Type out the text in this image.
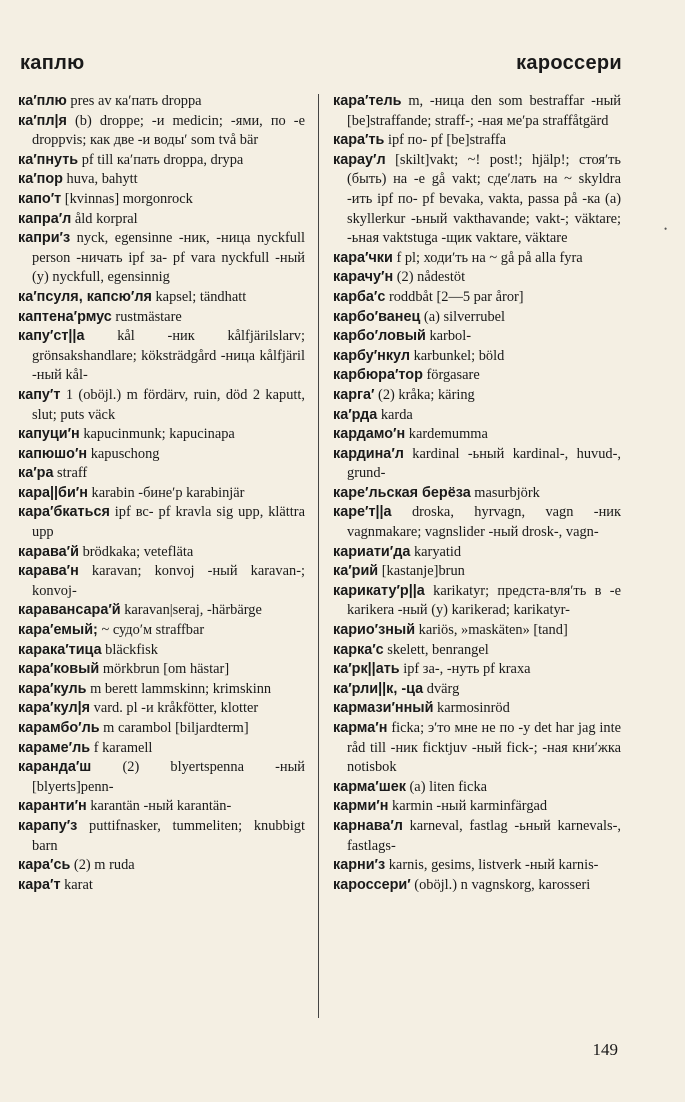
каплю	кароссери

ка′плю pres av ка′пать droppa

ка′пл|я (b) droppe; -и medicin; -ями, по -е droppvis; как две -и воды′ som två bär

ка′пнуть pf till ка′пать droppa, drypa

ка′пор huva, bahytt

капо′т [kvinnas] morgonrock

капра′л åld korpral

капри′з nyck, egensinne -ник, -ница nyckfull person -ничать ipf за- pf vara nyckfull -ный (y) nyckfull, egensinnig

ка′псуля, капсю′ля kapsel; tändhatt

каптена′рмус rustmästare

капу′ст||а kål -ник kålfjärilslarv; grönsakshandlare; köksträdgård -ница kålfjäril -ный kål-

капу′т 1 (oböjl.) m fördärv, ruin, död 2 kaputt, slut; puts väck

капуци′н kapucinmunk; kapucinapa

капюшо′н kapuschong

ка′ра straff

кара||би′н karabin -бине′р karabinjär

кара′бкаться ipf вс- pf kravla sig upp, klättra upp

карава′й brödkaka; veteflätа

карава′н karavan; konvoj -ный karavan-; konvoj-

каравансара′й karavan|seraj, -härbärge

кара′емый; ~ судо′м straffbar

каракa′тица bläckfisk

кара′ковый mörkbrun [om hästar]

кара′куль m berett lammskinn; krimskinn

кара′кул|я vard. pl -и kråkfötter, klotter

карамбо′ль m carambol [biljardterm]

караме′ль f karamell

каранда′ш (2) blyertspenna -ный [blyerts]penn-

каранти′н karantän -ный karantän-

карапу′з puttifnasker, tummeliten; knubbigt barn

кара′сь (2) m ruda

кара′т karat

кара′тель m, -ница den som bestraffar -ный [be]straffande; straff-; -ная ме′ра straffåtgärd

кара′ть ipf по- pf [be]straffa

карау′л [skilt]vakt; ~! post!; hjälp!; стоя′ть (быть) на -е gå vakt; сде′лать на ~ skyldra -ить ipf по- pf bevaka, vakta, passa på -ка (a) skyllerkur -ьный vakthavande; vakt-; väktare; -ьная vaktstuga -щик vaktare, väktare

кара′чки f pl; ходи′ть на ~ gå på alla fyra

карачу′н (2) nådestöt

карба′с roddbåt [2—5 par åror]

карбо′ванец (a) silverrubel

карбо′ловый karbol-

карбу′нкул karbunkel; böld

карбюра′тор förgasare

карга′ (2) kråka; käring

ка′рда karda

кардамо′н kardemumma

кардина′л kardinal -ьный kardinal-, huvud-, grund-

каре′льская берёза masurbjörk

каре′т||а droska, hyrvagn, vagn -ник vagnmakare; vagnslider -ный drosk-, vagn-

кариати′да karyatid

ка′рий [kastanje]brun

карикату′р||а karikatyr; предста-вля′ть в -е karikera -ный (y) karikerad; karikatyr-

карио′зный kariös, »maskäten» [tand]

карка′с skelett, benrangel

ка′рк||ать ipf за-, -нуть pf kraxa

ка′рли||к, -ца dvärg

кармази′нный karmosinröd

карма′н ficka; э′то мне не по -у det har jag inte råd till -ник ficktjuv -ный fick-; -ная кни′жка notisbok

карма′шек (a) liten ficka

карми′н karmin -ный karminfärgad

карнава′л karneval, fastlag -ьный karnevals-, fastlags-

карни′з karnis, gesims, listverk -ный karnis-

кароссери′ (oböjl.) n vagnskorg, karosseri

•
149
